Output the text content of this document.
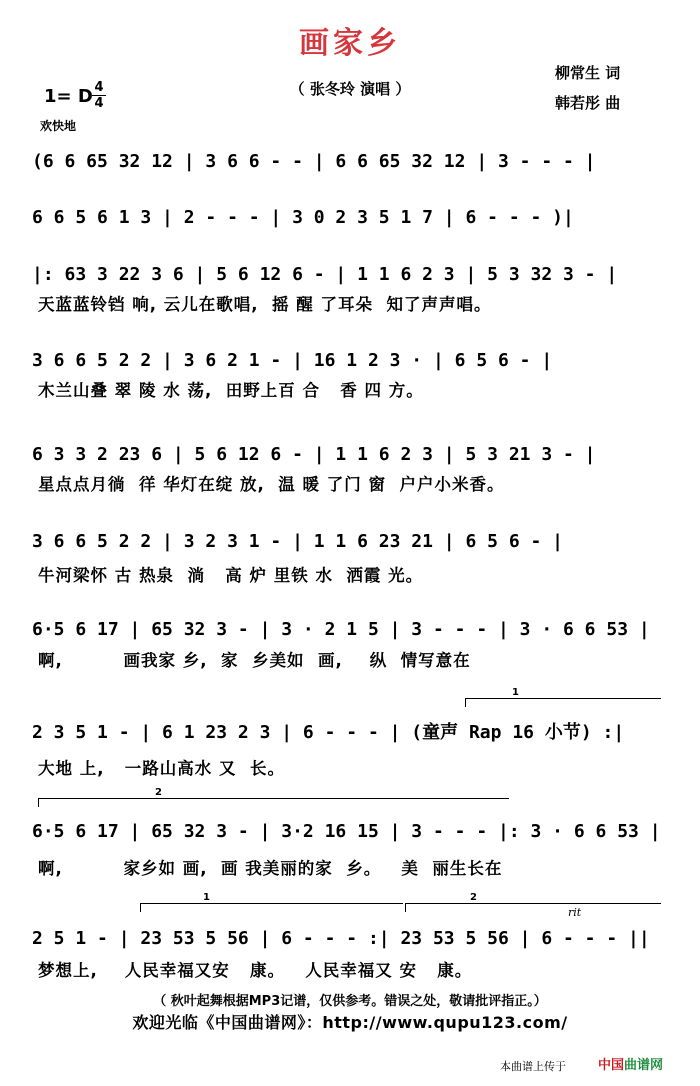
画家乡
（ 张冬玲 演唱 ）
柳常生 词
韩若彤 曲
1= D 4
4
欢快地
(6 6 65 32 12 | 3 6 6 - - | 6 6 65 32 12 | 3 - - - |
6 6 5 6 1 3 | 2 - - - | 3 0 2 3 5 1 7 | 6 - - - )|
|: 63 3 22 3 6 | 5 6 12 6 - | 1 1 6 2 3 | 5 3 32 3 - |
天蓝蓝铃铛 响, 云儿在歌唱,  摇 醒 了耳朵  知了声声唱。
3 6 6 5 2 2 | 3 6 2 1 - | 16 1 2 3 · | 6 5 6 - |
木兰山叠 翠 陵 水 荡,  田野上百 合   香 四 方。
6 3 3 2 23 6 | 5 6 12 6 - | 1 1 6 2 3 | 5 3 21 3 - |
星点点月徜  徉 华灯在绽 放,  温 暖 了门 窗  户户小米香。
3 6 6 5 2 2 | 3 2 3 1 - | 1 1 6 23 21 | 6 5 6 - |
牛河梁怀 古 热泉  淌   高 炉 里铁 水  洒霞 光。
6·5 6 17 | 65 32 3 - | 3 · 2 1 5 | 3 - - - | 3 · 6 6 53 |
啊,         画我家 乡,  家  乡美如  画,    纵  情写意在
1
2 3 5 1 - | 6 1 23 2 3 | 6 - - - | (童声 Rap 16 小节) :|
大地 上,   一路山高水 又  长。
2
6·5 6 17 | 65 32 3 - | 3·2 16 15 | 3 - - - |: 3 · 6 6 53 |
啊,         家乡如 画,  画 我美丽的家  乡。   美  丽生长在
1	2
rit
2 5 1 - | 23 53 5 56 | 6 - - - :| 23 53 5 56 | 6 - - - ||
梦想上,    人民幸福又安   康。   人民幸福又 安   康。
（ 秋叶起舞根据MP3记谱，仅供参考。错误之处，敬请批评指正。）
欢迎光临《中国曲谱网》：http://www.qupu123.com/
本曲谱上传于 中国曲谱网
